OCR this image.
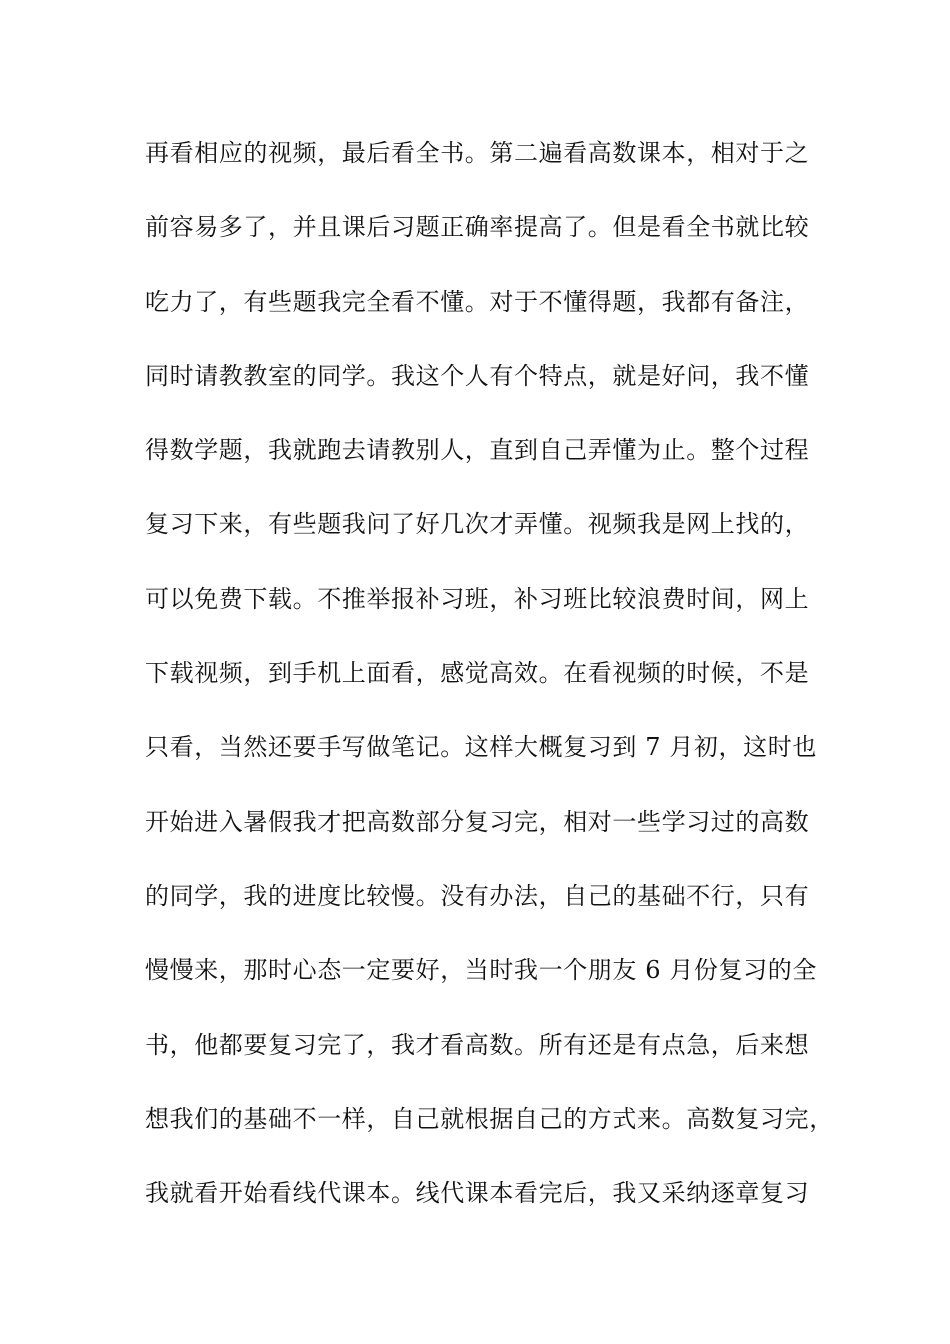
再看相应的视频，最后看全书。第二遍看高数课本，相对于之
前容易多了，并且课后习题正确率提高了。但是看全书就比较
吃力了，有些题我完全看不懂。对于不懂得题，我都有备注，
同时请教教室的同学。我这个人有个特点，就是好问，我不懂
得数学题，我就跑去请教别人，直到自己弄懂为止。整个过程
复习下来，有些题我问了好几次才弄懂。视频我是网上找的，
可以免费下载。不推举报补习班，补习班比较浪费时间，网上
下载视频，到手机上面看，感觉高效。在看视频的时候，不是
只看，当然还要手写做笔记。这样大概复习到 7 月初，这时也
开始进入暑假我才把高数部分复习完，相对一些学习过的高数
的同学，我的进度比较慢。没有办法，自己的基础不行，只有
慢慢来，那时心态一定要好，当时我一个朋友 6 月份复习的全
书，他都要复习完了，我才看高数。所有还是有点急，后来想
想我们的基础不一样，自己就根据自己的方式来。高数复习完，
我就看开始看线代课本。线代课本看完后，我又采纳逐章复习
